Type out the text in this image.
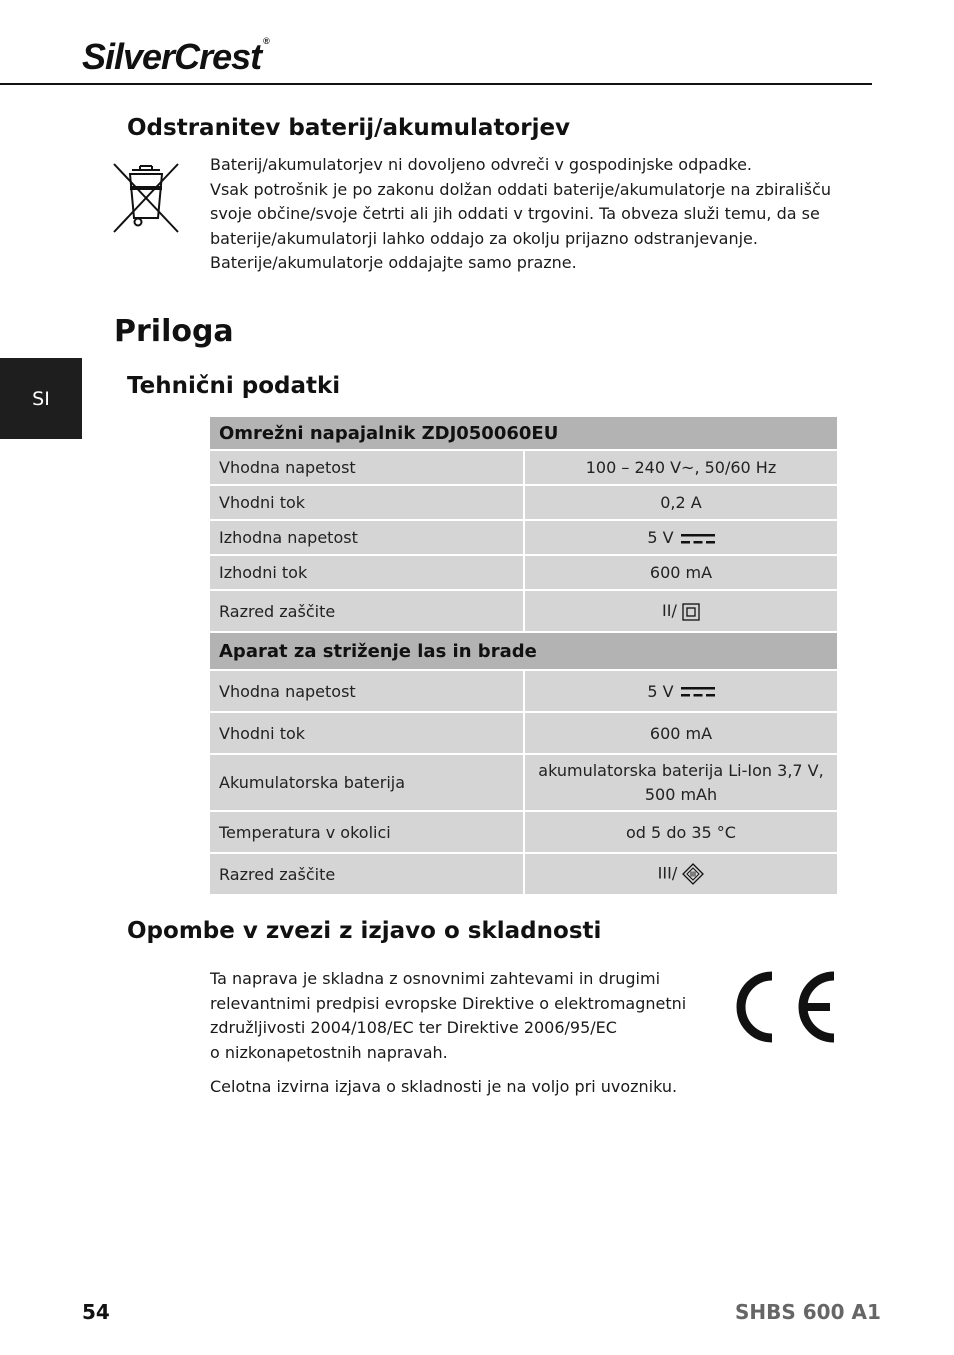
SilverCrest ®
SI
Odstranitev baterij/akumulatorjev

Baterij/akumulatorjev ni dovoljeno odvreči v gospodinjske odpadke.
Vsak potrošnik je po zakonu dolžan oddati baterije/akumulatorje na zbirališču
svoje občine/svoje četrti ali jih oddati v trgovini. Ta obveza služi temu, da se
baterije/akumulatorji lahko oddajo za okolju prijazno odstranjevanje.
Baterije/akumulatorje oddajajte samo prazne.

Priloga
Tehnični podatki
Omrežni napajalnik ZDJ050060EU	
Vhodna napetost	100 – 240 V~, 50/60 Hz
Vhodni tok	0,2 A
Izhodna napetost	5 V
Izhodni tok	600 mA
Razred zaščite	II/
Aparat za striženje las in brade	
Vhodna napetost	5 V
Vhodni tok	600 mA
Akumulatorska baterija	akumulatorska baterija Li-Ion 3,7 V,
500 mAh
Temperatura v okolici	od 5 do 35 °C
Razred zaščite	III/
Opombe v zvezi z izjavo o skladnosti

Ta naprava je skladna z osnovnimi zahtevami in drugimi
relevantnimi predpisi evropske Direktive o elektromagnetni
združljivosti 2004/108/EC ter Direktive 2006/95/EC
o nizkonapetostnih napravah.

Celotna izvirna izjava o skladnosti je na voljo pri uvozniku.

54	SHBS 600 A1
